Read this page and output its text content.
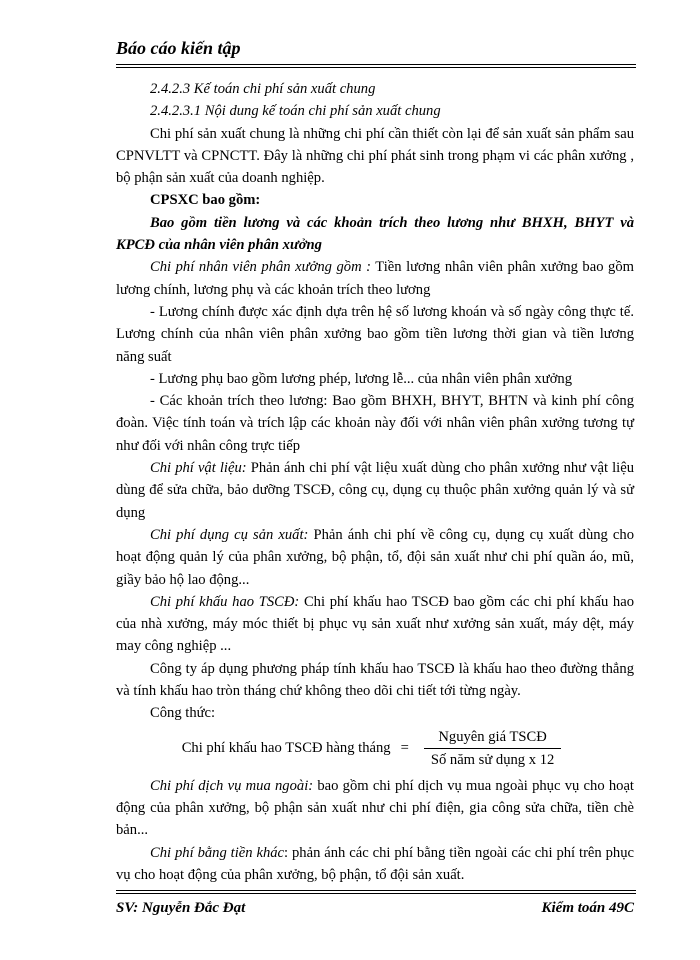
Báo cáo kiến tập

2.4.2.3 Kế toán chi phí sản xuất chung

2.4.2.3.1 Nội dung kế toán chi phí sản xuất chung

Chi phí sản xuất chung là những chi phí cần thiết còn lại để sản xuất sản phẩm sau CPNVLTT và CPNCTT. Đây là những chi phí phát sinh trong phạm vi các phân xưởng , bộ phận sản xuất của doanh nghiệp.

CPSXC bao gồm:

Bao gồm tiền lương và các khoản trích theo lương như BHXH, BHYT và KPCĐ của nhân viên phân xưởng

Chi phí nhân viên phân xưởng gồm : Tiền lương nhân viên phân xưởng bao gồm lương chính, lương phụ và các khoản trích theo lương

- Lương chính được xác định dựa trên hệ số lương khoán và số ngày công thực tế. Lương chính của nhân viên phân xưởng bao gồm tiền lương thời gian và tiền lương năng suất

- Lương phụ bao gồm lương phép, lương lễ... của nhân viên phân xưởng

- Các khoản trích theo lương: Bao gồm BHXH, BHYT, BHTN và kinh phí công đoàn. Việc tính toán và trích lập các khoản này đối với nhân viên phân xưởng tương tự như đối với nhân công trực tiếp

Chi phí vật liệu: Phản ánh chi phí vật liệu xuất dùng cho phân xưởng như vật liệu dùng để sửa chữa, bảo dưỡng TSCĐ, công cụ, dụng cụ thuộc phân xưởng quản lý và sử dụng

Chi phí dụng cụ sản xuất: Phản ánh chi phí về công cụ, dụng cụ xuất dùng cho hoạt động quản lý của phân xưởng, bộ phận, tổ, đội sản xuất như chi phí quần áo, mũ, giầy bảo hộ lao động...

Chi phí khấu hao TSCĐ: Chi phí khấu hao TSCĐ bao gồm các chi phí khấu hao của nhà xưởng, máy móc thiết bị phục vụ sản xuất như xưởng sản xuất, máy dệt, máy may công nghiệp ...

Công ty áp dụng phương pháp tính khấu hao TSCĐ là khấu hao theo đường thẳng và tính khấu hao tròn tháng chứ không theo dõi chi tiết tới từng ngày.

Công thức:

Chi phí khấu hao TSCĐ hàng tháng = $\frac{\text{Nguyên giá TSCĐ}}{\text{Số năm sử dụng x 12}}$

Chi phí dịch vụ mua ngoài: bao gồm chi phí dịch vụ mua ngoài phục vụ cho hoạt động của phân xưởng, bộ phận sản xuất như chi phí điện, gia công sửa chữa, tiền chè bản...

Chi phí bằng tiền khác: phản ánh các chi phí bằng tiền ngoài các chi phí trên phục vụ cho hoạt động của phân xưởng, bộ phận, tổ đội sản xuất.

SV: Nguyễn Đắc Đạt	Kiểm toán 49C
